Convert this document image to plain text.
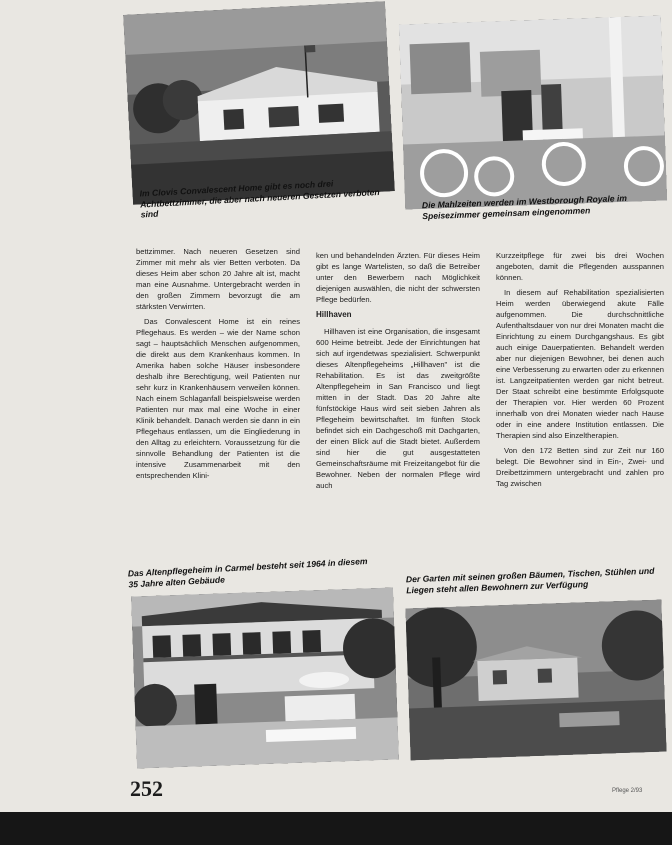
Im Clovis Convalescent Home gibt es noch drei Achtbettzimmer, die aber nach neueren Gesetzen verboten sind
Die Mahlzeiten werden im Westborough Royale im Speisezimmer gemeinsam eingenommen

bettzimmer. Nach neueren Gesetzen sind Zimmer mit mehr als vier Betten verboten. Da dieses Heim aber schon 20 Jahre alt ist, macht man eine Ausnahme. Untergebracht werden in den großen Zimmern bevorzugt die am stärksten Verwirrten.

Das Convalescent Home ist ein reines Pflegehaus. Es werden – wie der Name schon sagt – hauptsächlich Menschen aufgenommen, die direkt aus dem Krankenhaus kommen. In Amerika haben solche Häuser insbesondere deshalb ihre Berechtigung, weil Patienten nur sehr kurz in Krankenhäusern verweilen können. Nach einem Schlaganfall beispielsweise werden Patienten nur max mal eine Woche in einer Klinik behandelt. Danach werden sie dann in ein Pflegehaus entlassen, um die Eingliederung in den Alltag zu erleichtern. Voraussetzung für die sinnvolle Behandlung der Patienten ist die intensive Zusammenarbeit mit den entsprechenden Klini-

ken und behandelnden Ärzten. Für dieses Heim gibt es lange Wartelisten, so daß die Betreiber unter den Bewerbern nach Möglichkeit diejenigen auswählen, die nicht der schwersten Pflege bedürfen.

Hillhaven

Hillhaven ist eine Organisation, die insgesamt 600 Heime betreibt. Jede der Einrichtungen hat sich auf irgendetwas spezialisiert. Schwerpunkt dieses Altenpflegeheims „Hillhaven" ist die Rehabilitation. Es ist das zweitgrößte Altenpflegeheim in San Francisco und liegt mitten in der Stadt. Das 20 Jahre alte fünfstöckige Haus wird seit sieben Jahren als Pflegeheim bewirtschaftet. Im fünften Stock befindet sich ein Dachgeschoß mit Dachgarten, der einen Blick auf die Stadt bietet. Außerdem sind hier die gut ausgestatteten Gemeinschaftsräume mit Freizeitangebot für die Bewohner. Neben der normalen Pflege wird auch

Kurzzeitpflege für zwei bis drei Wochen angeboten, damit die Pflegenden ausspannen können.

In diesem auf Rehabilitation spezialisierten Heim werden überwiegend akute Fälle aufgenommen. Die durchschnittliche Aufenthaltsdauer von nur drei Monaten macht die Einrichtung zu einem Durchgangshaus. Es gibt auch einige Dauerpatienten. Behandelt werden aber nur diejenigen Bewohner, bei denen auch eine Verbesserung zu erwarten oder zu erkennen ist. Langzeitpatienten werden gar nicht betreut. Der Staat schreibt eine bestimmte Erfolgsquote der Therapien vor. Hier werden 60 Prozent innerhalb von drei Monaten wieder nach Hause oder in eine andere Institution entlassen. Die Therapien sind also Einzeltherapien.

Von den 172 Betten sind zur Zeit nur 160 belegt. Die Bewohner sind in Ein-, Zwei- und Dreibettzimmern untergebracht und zahlen pro Tag zwischen

Das Altenpflegeheim in Carmel besteht seit 1964 in diesem 35 Jahre alten Gebäude	Der Garten mit seinen großen Bäumen, Tischen, Stühlen und Liegen steht allen Bewohnern zur Verfügung
252	Pflege 2/93
